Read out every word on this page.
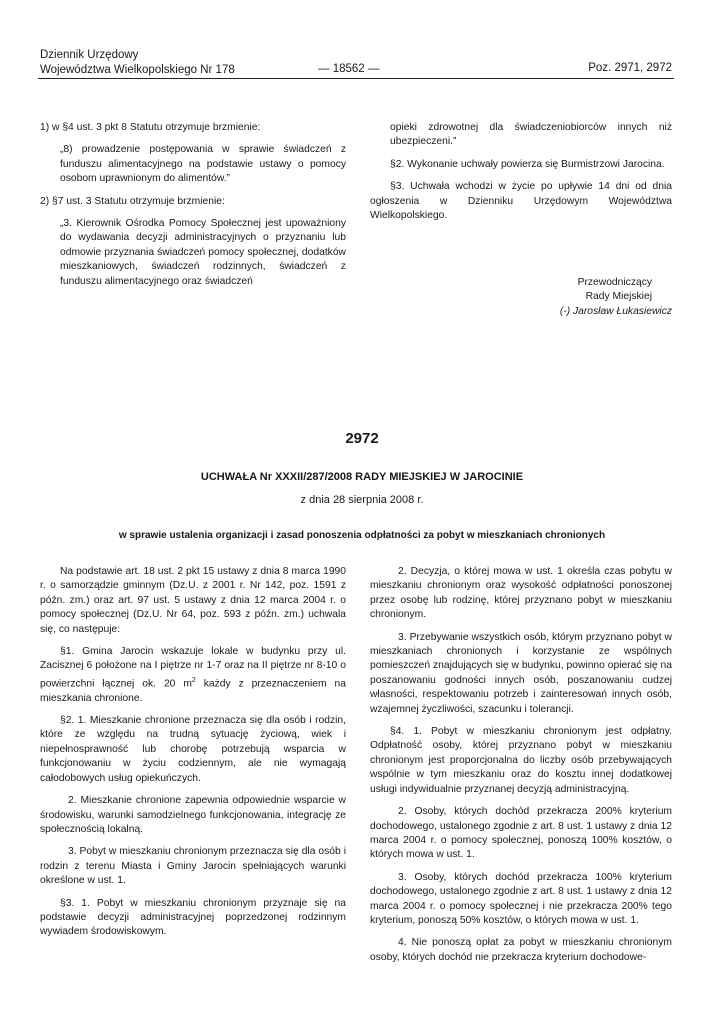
Dziennik Urzędowy
Województwa Wielkopolskiego Nr 178	— 18562 —	Poz. 2971, 2972

1) w §4 ust. 3 pkt 8 Statutu otrzymuje brzmienie:

„8) prowadzenie postępowania w sprawie świadczeń z funduszu alimentacyjnego na podstawie ustawy o pomocy osobom uprawnionym do alimentów.”

2) §7 ust. 3 Statutu otrzymuje brzmienie:

„3. Kierownik Ośrodka Pomocy Społecznej jest upoważniony do wydawania decyzji administracyjnych o przyznaniu lub odmowie przyznania świadczeń pomocy społecznej, dodatków mieszkaniowych, świadczeń rodzinnych, świadczeń z funduszu alimentacyjnego oraz świadczeń

opieki zdrowotnej dla świadczeniobiorców innych niż ubezpieczeni.”

§2. Wykonanie uchwały powierza się Burmistrzowi Jarocina.

§3. Uchwała wchodzi w życie po upływie 14 dni od dnia ogłoszenia w Dzienniku Urzędowym Województwa Wielkopolskiego.

Przewodniczący
Rady Miejskiej
(-) Jarosław Łukasiewicz
2972
UCHWAŁA Nr XXXII/287/2008 RADY MIEJSKIEJ W JAROCINIE
z dnia 28 sierpnia 2008 r.
w sprawie ustalenia organizacji i zasad ponoszenia odpłatności za pobyt w mieszkaniach chronionych

Na podstawie art. 18 ust. 2 pkt 15 ustawy z dnia 8 marca 1990 r. o samorządzie gminnym (Dz.U. z 2001 r. Nr 142, poz. 1591 z późn. zm.) oraz art. 97 ust. 5 ustawy z dnia 12 marca 2004 r. o pomocy społecznej (Dz.U. Nr 64, poz. 593 z późn. zm.) uchwala się, co następuje:

§1. Gmina Jarocin wskazuje lokale w budynku przy ul. Zacisznej 6 położone na I piętrze nr 1-7 oraz na II piętrze nr 8-10 o powierzchni łącznej ok. 20 $m^2$ każdy z przeznaczeniem na mieszkania chronione.

§2. 1. Mieszkanie chronione przeznacza się dla osób i rodzin, które ze względu na trudną sytuację życiową, wiek i niepełnosprawność lub chorobę potrzebują wsparcia w funkcjonowaniu w życiu codziennym, ale nie wymagają całodobowych usług opiekuńczych.

2. Mieszkanie chronione zapewnia odpowiednie wsparcie w środowisku, warunki samodzielnego funkcjonowania, integrację ze społecznością lokalną.

3. Pobyt w mieszkaniu chronionym przeznacza się dla osób i rodzin z terenu Miasta i Gminy Jarocin spełniających warunki określone w ust. 1.

§3. 1. Pobyt w mieszkaniu chronionym przyznaje się na podstawie decyzji administracyjnej poprzedzonej rodzinnym wywiadem środowiskowym.

2. Decyzja, o której mowa w ust. 1 określa czas pobytu w mieszkaniu chronionym oraz wysokość odpłatności ponoszonej przez osobę lub rodzinę, której przyznano pobyt w mieszkaniu chronionym.

3. Przebywanie wszystkich osób, którym przyznano pobyt w mieszkaniach chronionych i korzystanie ze wspólnych pomieszczeń znajdujących się w budynku, powinno opierać się na poszanowaniu godności innych osób, poszanowaniu cudzej własności, respektowaniu potrzeb i zainteresowań innych osób, wzajemnej życzliwości, szacunku i tolerancji.

§4. 1. Pobyt w mieszkaniu chronionym jest odpłatny. Odpłatność osoby, której przyznano pobyt w mieszkaniu chronionym jest proporcjonalna do liczby osób przebywających wspólnie w tym mieszkaniu oraz do kosztu innej dodatkowej usługi indywidualnie przyznanej decyzją administracyjną.

2. Osoby, których dochód przekracza 200% kryterium dochodowego, ustalonego zgodnie z art. 8 ust. 1 ustawy z dnia 12 marca 2004 r. o pomocy społecznej, ponoszą 100% kosztów, o których mowa w ust. 1.

3. Osoby, których dochód przekracza 100% kryterium dochodowego, ustalonego zgodnie z art. 8 ust. 1 ustawy z dnia 12 marca 2004 r. o pomocy społecznej i nie przekracza 200% tego kryterium, ponoszą 50% kosztów, o których mowa w ust. 1.

4. Nie ponoszą opłat za pobyt w mieszkaniu chronionym osoby, których dochód nie przekracza kryterium dochodowe-
